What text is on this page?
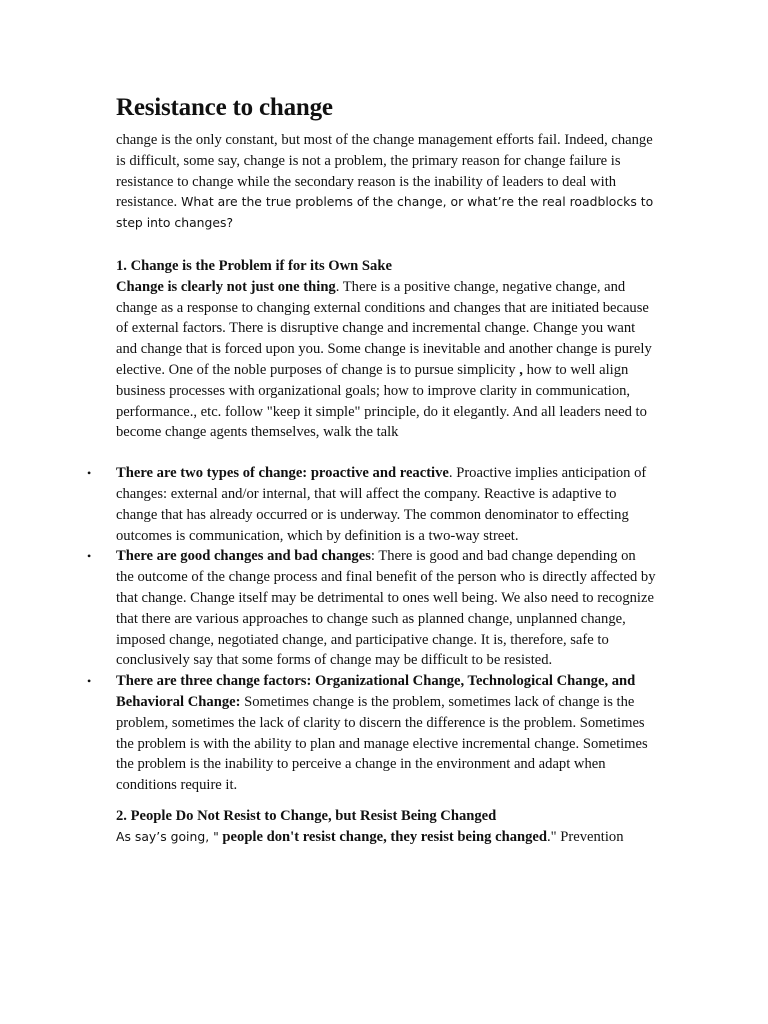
Resistance to change

change is the only constant, but most of the change management efforts fail. Indeed, change is difficult, some say, change is not a problem, the primary reason for change failure is resistance to change while the secondary reason is the inability of leaders to deal with resistance. What are the true problems of the change, or what’re the real roadblocks to step into changes?

1. Change is the Problem if for its Own Sake

Change is clearly not just one thing. There is a positive change, negative change, and change as a response to changing external conditions and changes that are initiated because of external factors. There is disruptive change and incremental change. Change you want and change that is forced upon you. Some change is inevitable and another change is purely elective. One of the noble purposes of change is to pursue simplicity , how to well align business processes with organizational goals; how to improve clarity in communication, performance., etc. follow "keep it simple" principle, do it elegantly. And all leaders need to become change agents themselves, walk the talk

• There are two types of change: proactive and reactive. Proactive implies anticipation of changes: external and/or internal, that will affect the company. Reactive is adaptive to change that has already occurred or is underway. The common denominator to effecting outcomes is communication, which by definition is a two-way street.
• There are good changes and bad changes: There is good and bad change depending on the outcome of the change process and final benefit of the person who is directly affected by that change. Change itself may be detrimental to ones well being. We also need to recognize that there are various approaches to change such as planned change, unplanned change, imposed change, negotiated change, and participative change. It is, therefore, safe to conclusively say that some forms of change may be difficult to be resisted.
• There are three change factors: Organizational Change, Technological Change, and Behavioral Change: Sometimes change is the problem, sometimes lack of change is the problem, sometimes the lack of clarity to discern the difference is the problem. Sometimes the problem is with the ability to plan and manage elective incremental change. Sometimes the problem is the inability to perceive a change in the environment and adapt when conditions require it.

2. People Do Not Resist to Change, but Resist Being Changed

As say’s going, " people don't resist change, they resist being changed." Prevention
